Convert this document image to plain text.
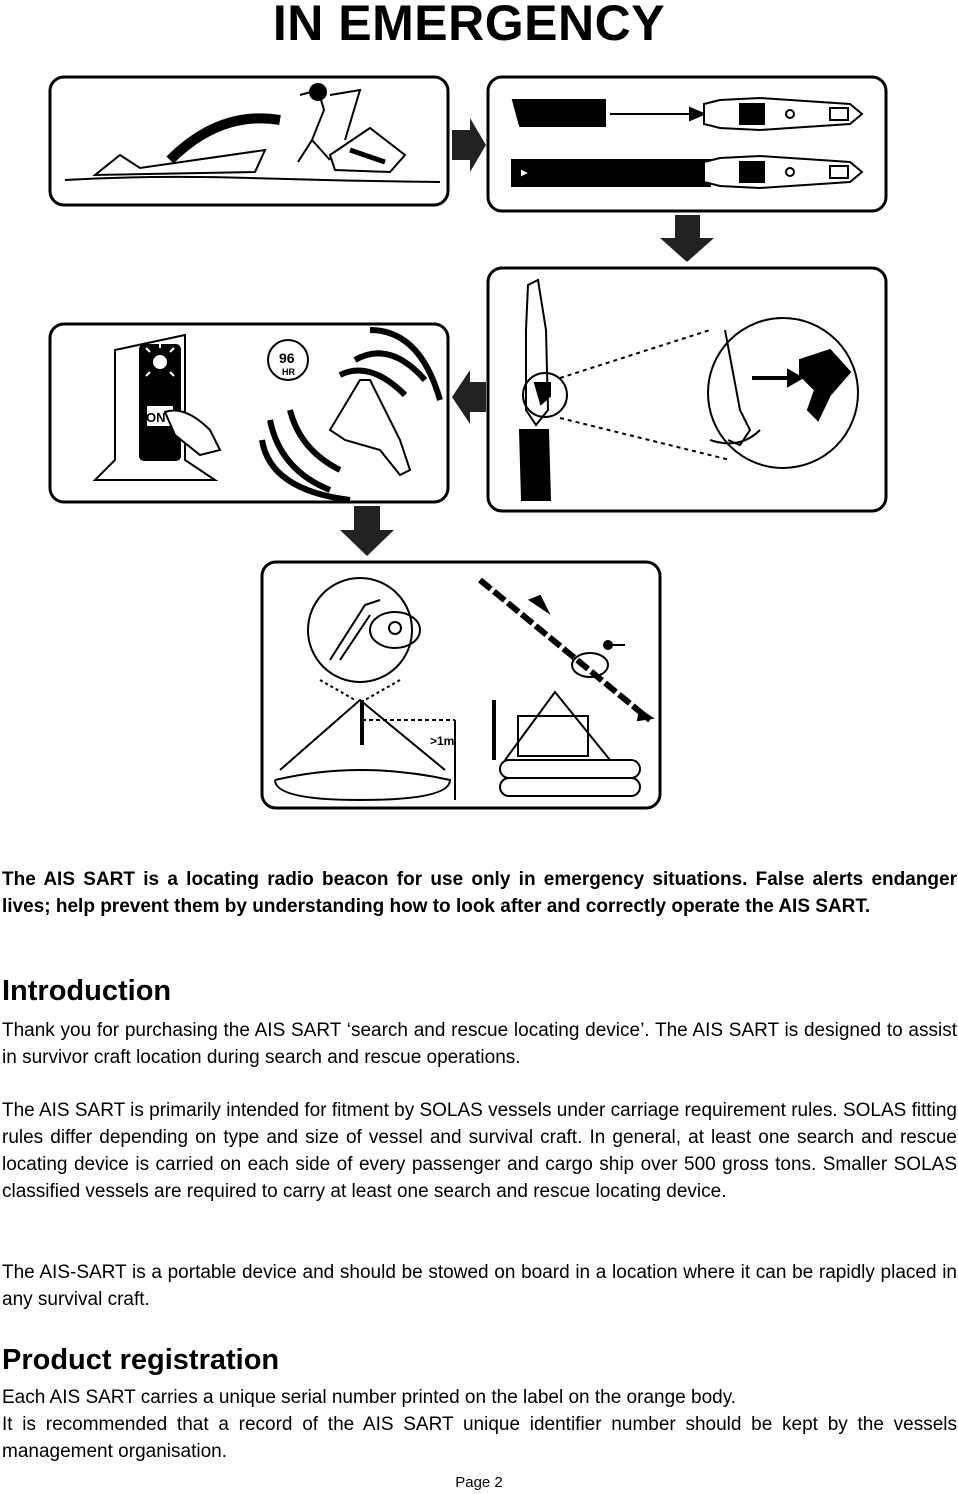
IN EMERGENCY
96
HR
ON
>1m

The AIS SART is a locating radio beacon for use only in emergency situations. False alerts endanger lives; help prevent them by understanding how to look after and correctly operate the AIS SART.

Introduction

Thank you for purchasing the AIS SART ‘search and rescue locating device’. The AIS SART is designed to assist in survivor craft location during search and rescue operations.

The AIS SART is primarily intended for fitment by SOLAS vessels under carriage requirement rules. SOLAS fitting rules differ depending on type and size of vessel and survival craft. In general, at least one search and rescue locating device is carried on each side of every passenger and cargo ship over 500 gross tons. Smaller SOLAS classified vessels are required to carry at least one search and rescue locating device.

The AIS-SART is a portable device and should be stowed on board in a location where it can be rapidly placed in any survival craft.

Product registration

Each AIS SART carries a unique serial number printed on the label on the orange body.

It is recommended that a record of the AIS SART unique identifier number should be kept by the vessels management organisation.

Page 2
